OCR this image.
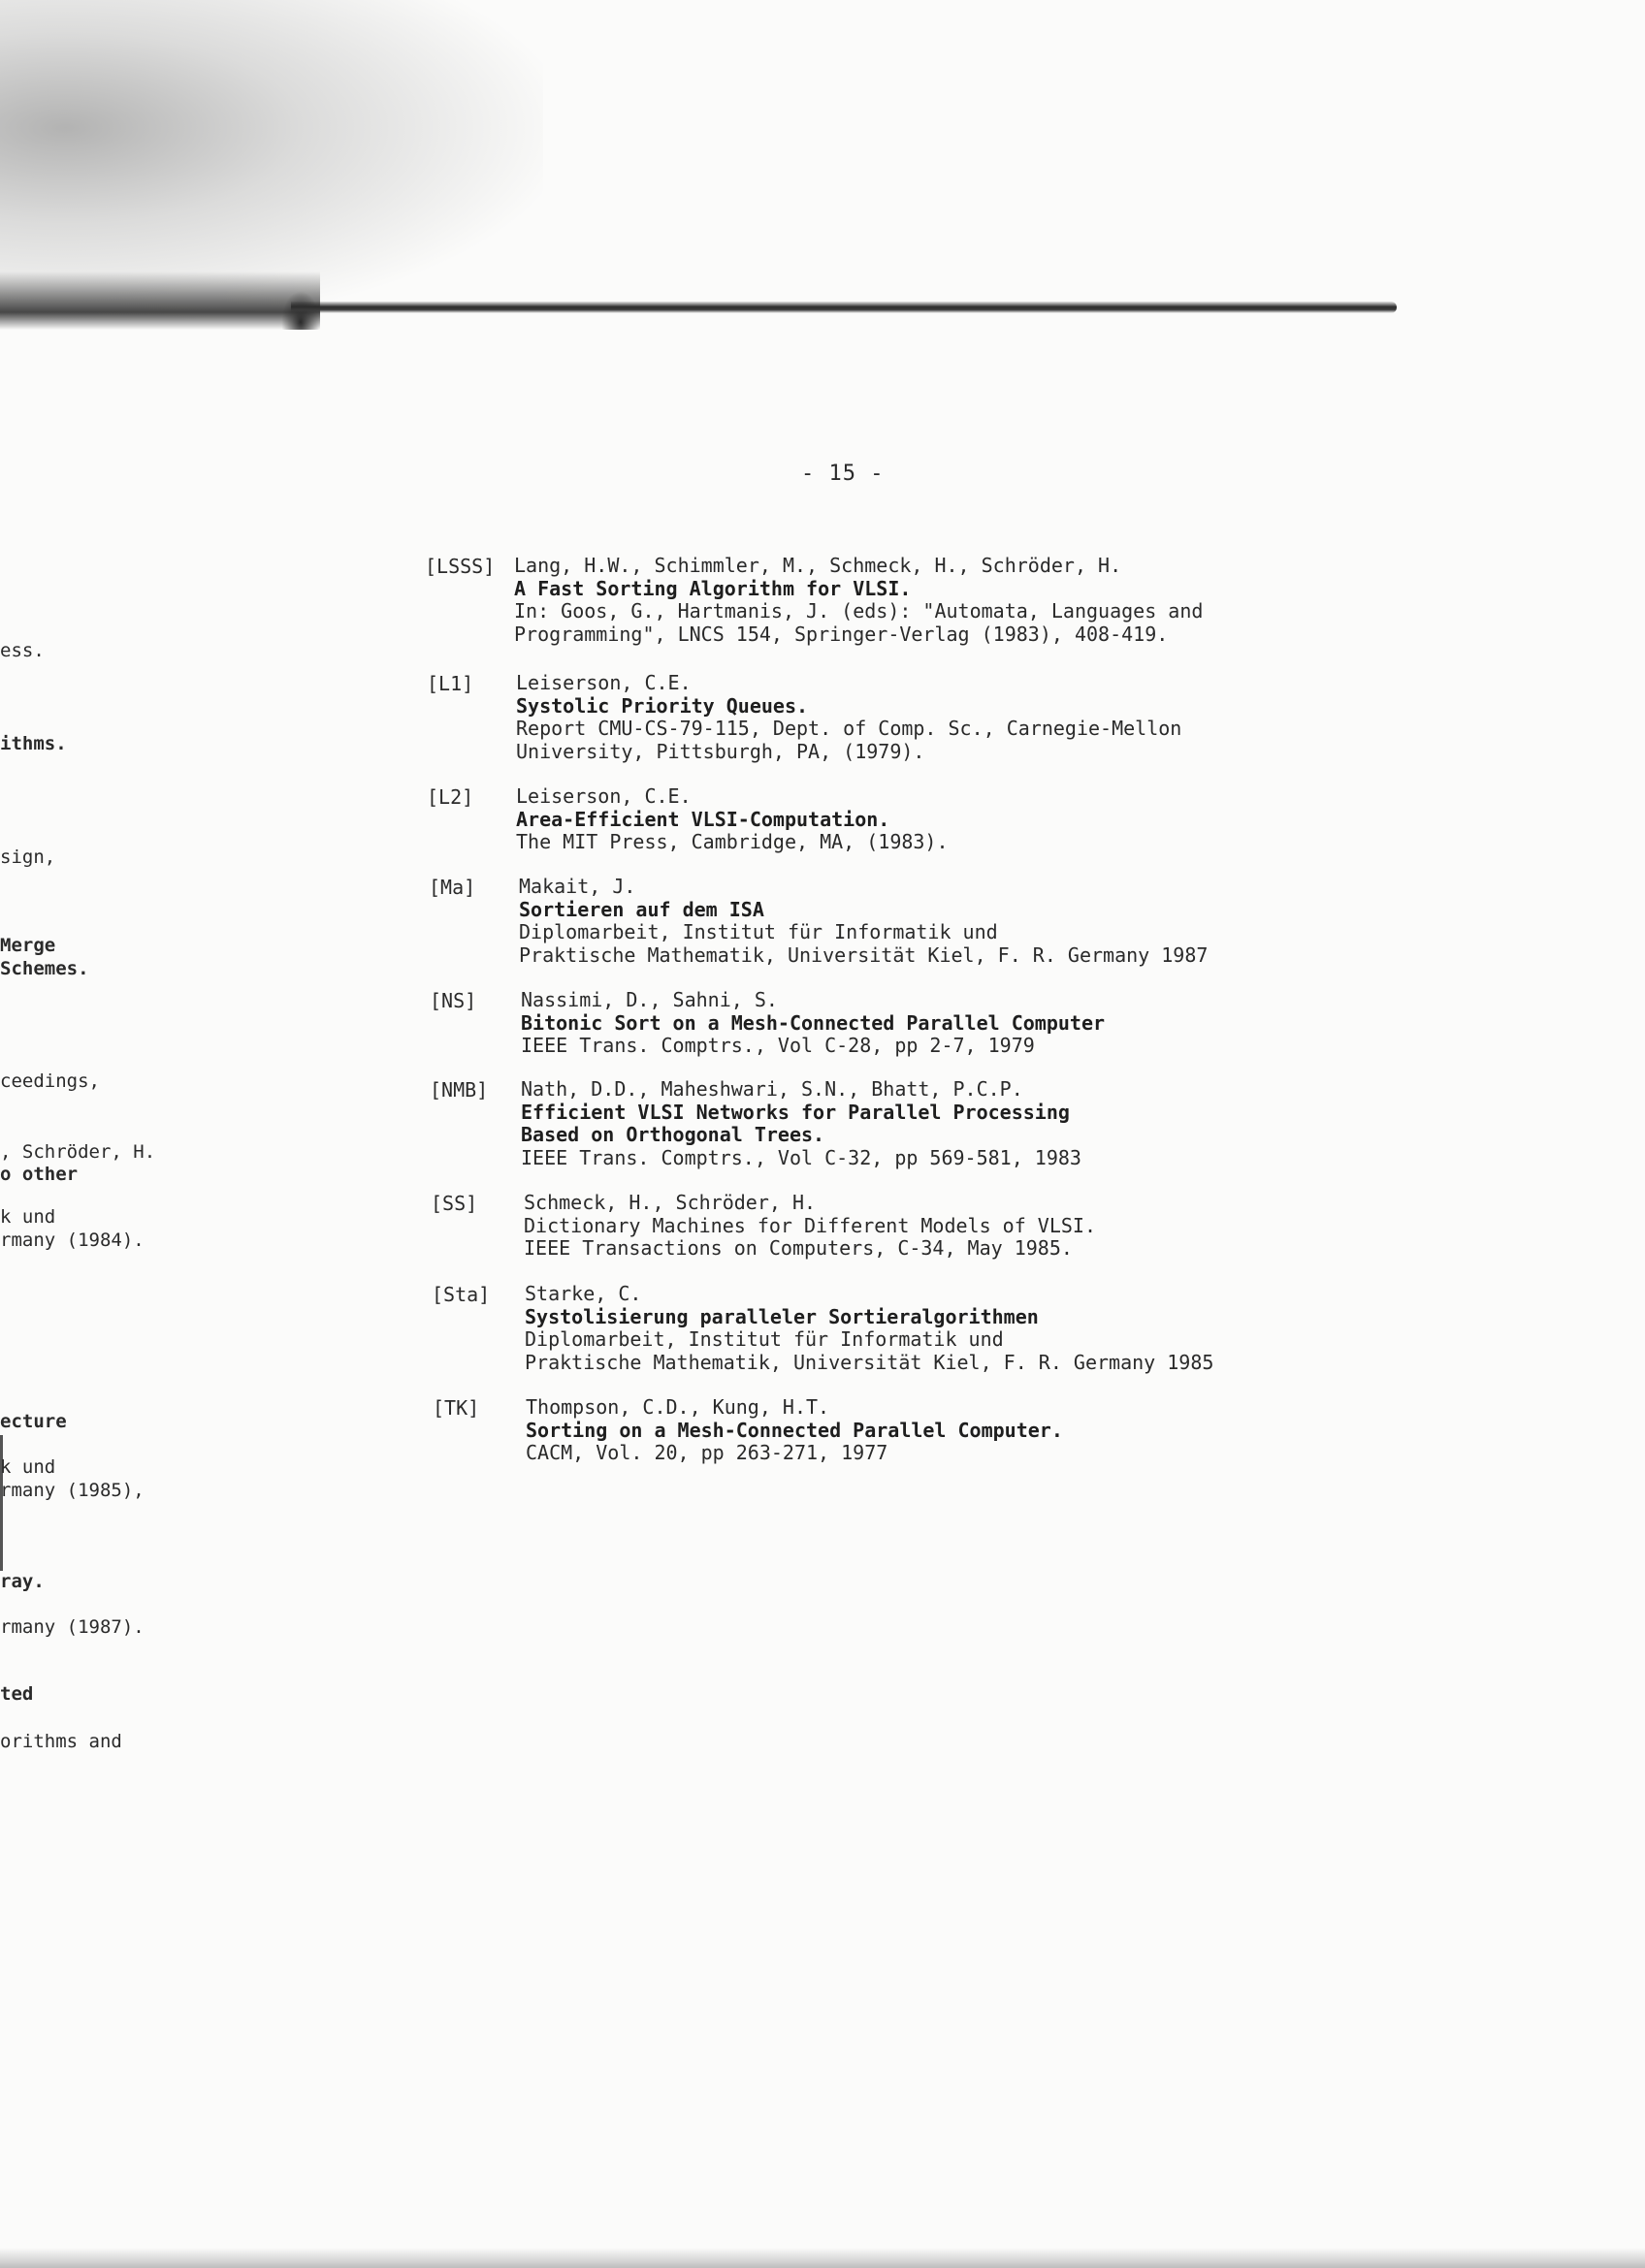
- 15 -
ess.
ithms.
sign,
Merge
Schemes.
ceedings,
, Schröder, H.
o other
k und
rmany (1984).
ecture
k und
rmany (1985),
ray.
rmany (1987).
ted
orithms and
[LSSS] Lang, H.W., Schimmler, M., Schmeck, H., Schröder, H.
A Fast Sorting Algorithm for VLSI.
In: Goos, G., Hartmanis, J. (eds): "Automata, Languages and
Programming", LNCS 154, Springer-Verlag (1983), 408-419.
[L1] Leiserson, C.E.
Systolic Priority Queues.
Report CMU-CS-79-115, Dept. of Comp. Sc., Carnegie-Mellon
University, Pittsburgh, PA, (1979).
[L2] Leiserson, C.E.
Area-Efficient VLSI-Computation.
The MIT Press, Cambridge, MA, (1983).
[Ma] Makait, J.
Sortieren auf dem ISA
Diplomarbeit, Institut für Informatik und
Praktische Mathematik, Universität Kiel, F. R. Germany 1987
[NS] Nassimi, D., Sahni, S.
Bitonic Sort on a Mesh-Connected Parallel Computer
IEEE Trans. Comptrs., Vol C-28, pp 2-7, 1979
[NMB] Nath, D.D., Maheshwari, S.N., Bhatt, P.C.P.
Efficient VLSI Networks for Parallel Processing
Based on Orthogonal Trees.
IEEE Trans. Comptrs., Vol C-32, pp 569-581, 1983
[SS] Schmeck, H., Schröder, H.
Dictionary Machines for Different Models of VLSI.
IEEE Transactions on Computers, C-34, May 1985.
[Sta] Starke, C.
Systolisierung paralleler Sortieralgorithmen
Diplomarbeit, Institut für Informatik und
Praktische Mathematik, Universität Kiel, F. R. Germany 1985
[TK] Thompson, C.D., Kung, H.T.
Sorting on a Mesh-Connected Parallel Computer.
CACM, Vol. 20, pp 263-271, 1977
